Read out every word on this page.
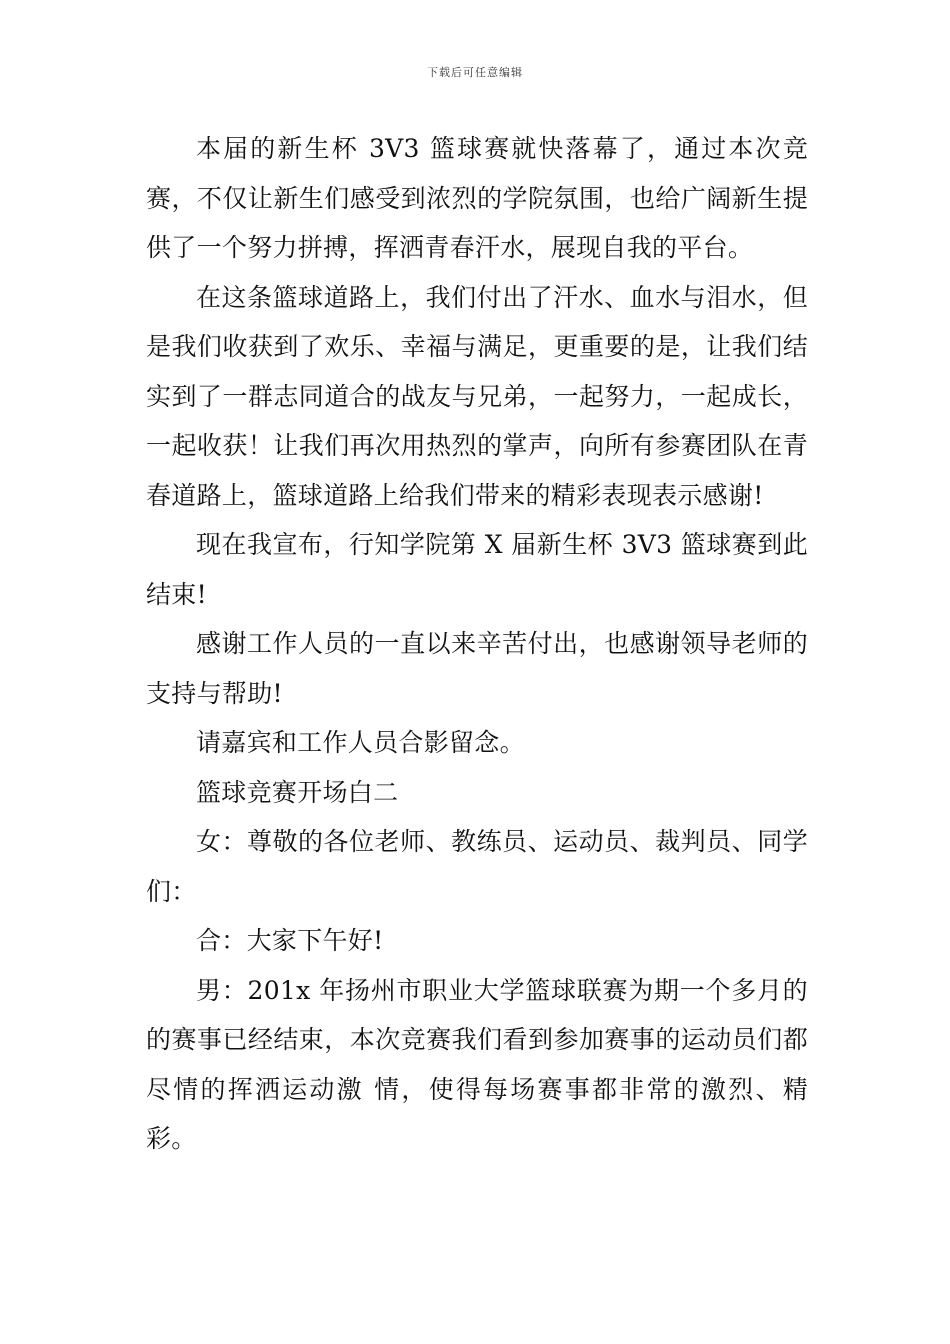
下载后可任意编辑

本届的新生杯 3V3 篮球赛就快落幕了，通过本次竞赛，不仅让新生们感受到浓烈的学院氛围，也给广阔新生提供了一个努力拼搏，挥洒青春汗水，展现自我的平台。

在这条篮球道路上，我们付出了汗水、血水与泪水，但是我们收获到了欢乐、幸福与满足，更重要的是，让我们结实到了一群志同道合的战友与兄弟，一起努力，一起成长，一起收获！让我们再次用热烈的掌声，向所有参赛团队在青春道路上，篮球道路上给我们带来的精彩表现表示感谢!

现在我宣布，行知学院第 X 届新生杯 3V3 篮球赛到此结束!

感谢工作人员的一直以来辛苦付出，也感谢领导老师的支持与帮助!

请嘉宾和工作人员合影留念。

篮球竞赛开场白二

女：尊敬的各位老师、教练员、运动员、裁判员、同学们：

合：大家下午好!

男：201x 年扬州市职业大学篮球联赛为期一个多月的的赛事已经结束，本次竞赛我们看到参加赛事的运动员们都尽情的挥洒运动激 情，使得每场赛事都非常的激烈、精彩。
